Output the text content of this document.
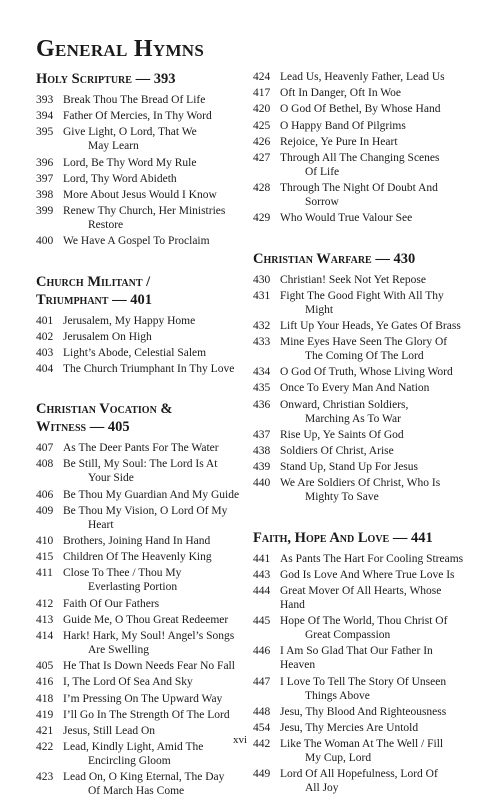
General Hymns
Holy Scripture — 393
393 Break Thou The Bread Of Life
394 Father Of Mercies, In Thy Word
395 Give Light, O Lord, That We
May Learn
396 Lord, Be Thy Word My Rule
397 Lord, Thy Word Abideth
398 More About Jesus Would I Know
399 Renew Thy Church, Her Ministries
Restore
400 We Have A Gospel To Proclaim
Church Militant /
Triumphant — 401
401 Jerusalem, My Happy Home
402 Jerusalem On High
403 Light’s Abode, Celestial Salem
404 The Church Triumphant In Thy Love
Christian Vocation &
Witness — 405
407 As The Deer Pants For The Water
408 Be Still, My Soul: The Lord Is At
Your Side
406 Be Thou My Guardian And My Guide
409 Be Thou My Vision, O Lord Of My
Heart
410 Brothers, Joining Hand In Hand
415 Children Of The Heavenly King
411 Close To Thee / Thou My
Everlasting Portion
412 Faith Of Our Fathers
413 Guide Me, O Thou Great Redeemer
414 Hark! Hark, My Soul! Angel’s Songs
Are Swelling
405 He That Is Down Needs Fear No Fall
416 I, The Lord Of Sea And Sky
418 I’m Pressing On The Upward Way
419 I’ll Go In The Strength Of The Lord
421 Jesus, Still Lead On
422 Lead, Kindly Light, Amid The
Encircling Gloom
423 Lead On, O King Eternal, The Day
Of March Has Come
424 Lead Us, Heavenly Father, Lead Us
417 Oft In Danger, Oft In Woe
420 O God Of Bethel, By Whose Hand
425 O Happy Band Of Pilgrims
426 Rejoice, Ye Pure In Heart
427 Through All The Changing Scenes
Of Life
428 Through The Night Of Doubt And
Sorrow
429 Who Would True Valour See
Christian Warfare — 430
430 Christian! Seek Not Yet Repose
431 Fight The Good Fight With All Thy
Might
432 Lift Up Your Heads, Ye Gates Of Brass
433 Mine Eyes Have Seen The Glory Of
The Coming Of The Lord
434 O God Of Truth, Whose Living Word
435 Once To Every Man And Nation
436 Onward, Christian Soldiers,
Marching As To War
437 Rise Up, Ye Saints Of God
438 Soldiers Of Christ, Arise
439 Stand Up, Stand Up For Jesus
440 We Are Soldiers Of Christ, Who Is
Mighty To Save
Faith, Hope And Love — 441
441 As Pants The Hart For Cooling Streams
443 God Is Love And Where True Love Is
444 Great Mover Of All Hearts, Whose Hand
445 Hope Of The World, Thou Christ Of
Great Compassion
446 I Am So Glad That Our Father In Heaven
447 I Love To Tell The Story Of Unseen
Things Above
448 Jesu, Thy Blood And Righteousness
454 Jesu, Thy Mercies Are Untold
442 Like The Woman At The Well / Fill
My Cup, Lord
449 Lord Of All Hopefulness, Lord Of
All Joy
xvi
